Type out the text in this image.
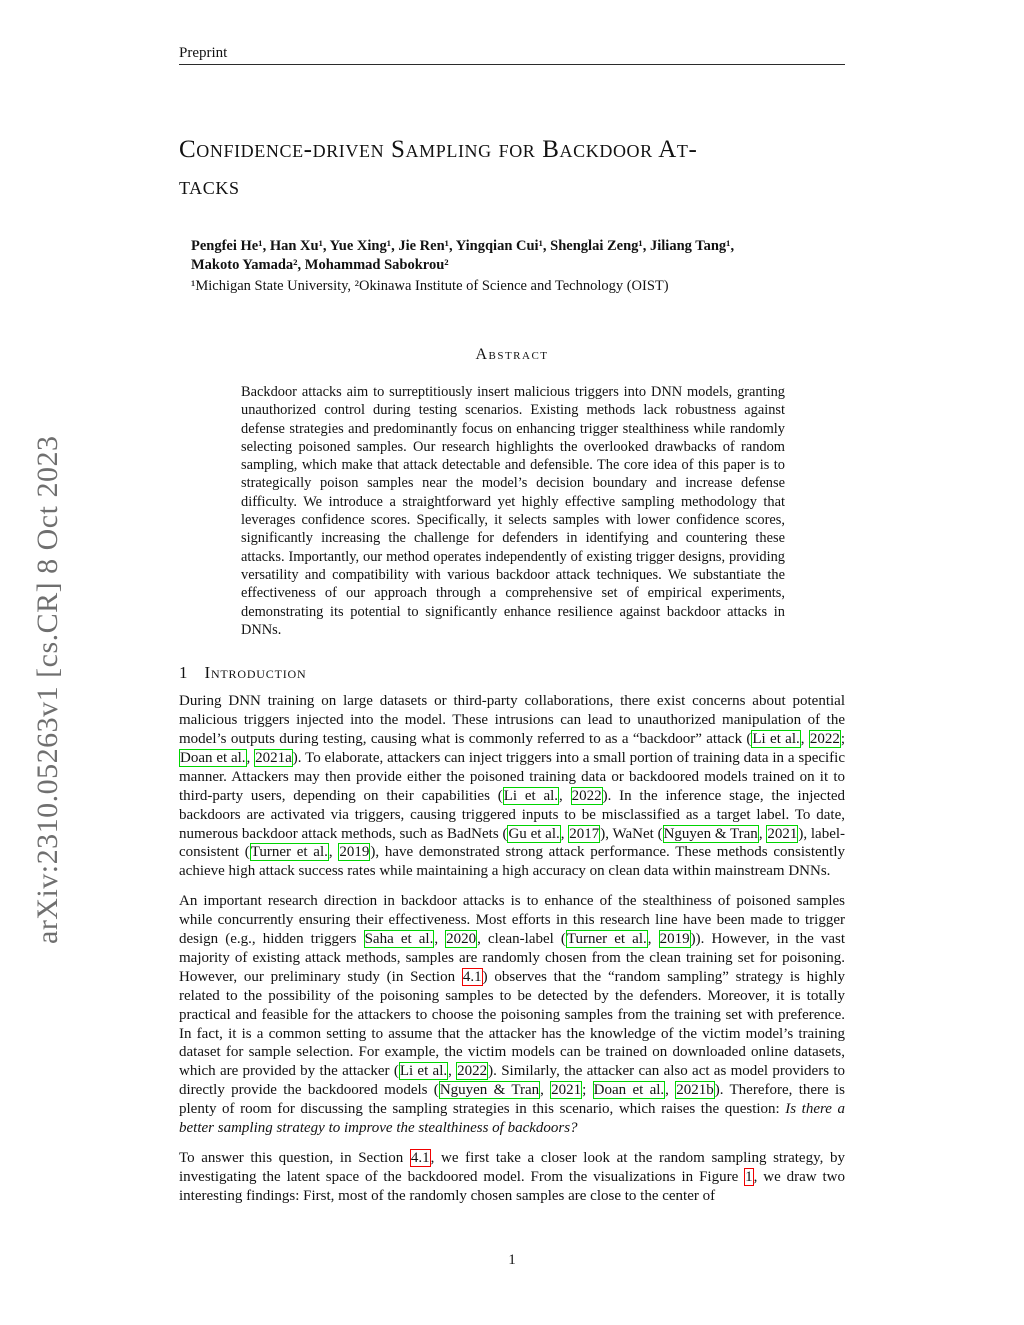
arXiv:2310.05263v1 [cs.CR] 8 Oct 2023
Preprint
Confidence-driven Sampling for Backdoor At-
tacks
Pengfei He¹, Han Xu¹, Yue Xing¹, Jie Ren¹, Yingqian Cui¹, Shenglai Zeng¹, Jiliang Tang¹,
Makoto Yamada², Mohammad Sabokrou²
¹Michigan State University, ²Okinawa Institute of Science and Technology (OIST)
Abstract
Backdoor attacks aim to surreptitiously insert malicious triggers into DNN models, granting unauthorized control during testing scenarios. Existing methods lack robustness against defense strategies and predominantly focus on enhancing trigger stealthiness while randomly selecting poisoned samples. Our research highlights the overlooked drawbacks of random sampling, which make that attack detectable and defensible. The core idea of this paper is to strategically poison samples near the model’s decision boundary and increase defense difficulty. We introduce a straightforward yet highly effective sampling methodology that leverages confidence scores. Specifically, it selects samples with lower confidence scores, significantly increasing the challenge for defenders in identifying and countering these attacks. Importantly, our method operates independently of existing trigger designs, providing versatility and compatibility with various backdoor attack techniques. We substantiate the effectiveness of our approach through a comprehensive set of empirical experiments, demonstrating its potential to significantly enhance resilience against backdoor attacks in DNNs.
1 Introduction

During DNN training on large datasets or third-party collaborations, there exist concerns about potential malicious triggers injected into the model. These intrusions can lead to unauthorized manipulation of the model’s outputs during testing, causing what is commonly referred to as a “backdoor” attack (Li et al., 2022; Doan et al., 2021a). To elaborate, attackers can inject triggers into a small portion of training data in a specific manner. Attackers may then provide either the poisoned training data or backdoored models trained on it to third-party users, depending on their capabilities (Li et al., 2022). In the inference stage, the injected backdoors are activated via triggers, causing triggered inputs to be misclassified as a target label. To date, numerous backdoor attack methods, such as BadNets (Gu et al., 2017), WaNet (Nguyen & Tran, 2021), label-consistent (Turner et al., 2019), have demonstrated strong attack performance. These methods consistently achieve high attack success rates while maintaining a high accuracy on clean data within mainstream DNNs.

An important research direction in backdoor attacks is to enhance of the stealthiness of poisoned samples while concurrently ensuring their effectiveness. Most efforts in this research line have been made to trigger design (e.g., hidden triggers Saha et al., 2020, clean-label (Turner et al., 2019)). However, in the vast majority of existing attack methods, samples are randomly chosen from the clean training set for poisoning. However, our preliminary study (in Section 4.1) observes that the “random sampling” strategy is highly related to the possibility of the poisoning samples to be detected by the defenders. Moreover, it is totally practical and feasible for the attackers to choose the poisoning samples from the training set with preference. In fact, it is a common setting to assume that the attacker has the knowledge of the victim model’s training dataset for sample selection. For example, the victim models can be trained on downloaded online datasets, which are provided by the attacker (Li et al., 2022). Similarly, the attacker can also act as model providers to directly provide the backdoored models (Nguyen & Tran, 2021; Doan et al., 2021b). Therefore, there is plenty of room for discussing the sampling strategies in this scenario, which raises the question: Is there a better sampling strategy to improve the stealthiness of backdoors?

To answer this question, in Section 4.1, we first take a closer look at the random sampling strategy, by investigating the latent space of the backdoored model. From the visualizations in Figure 1, we draw two interesting findings: First, most of the randomly chosen samples are close to the center of

1
